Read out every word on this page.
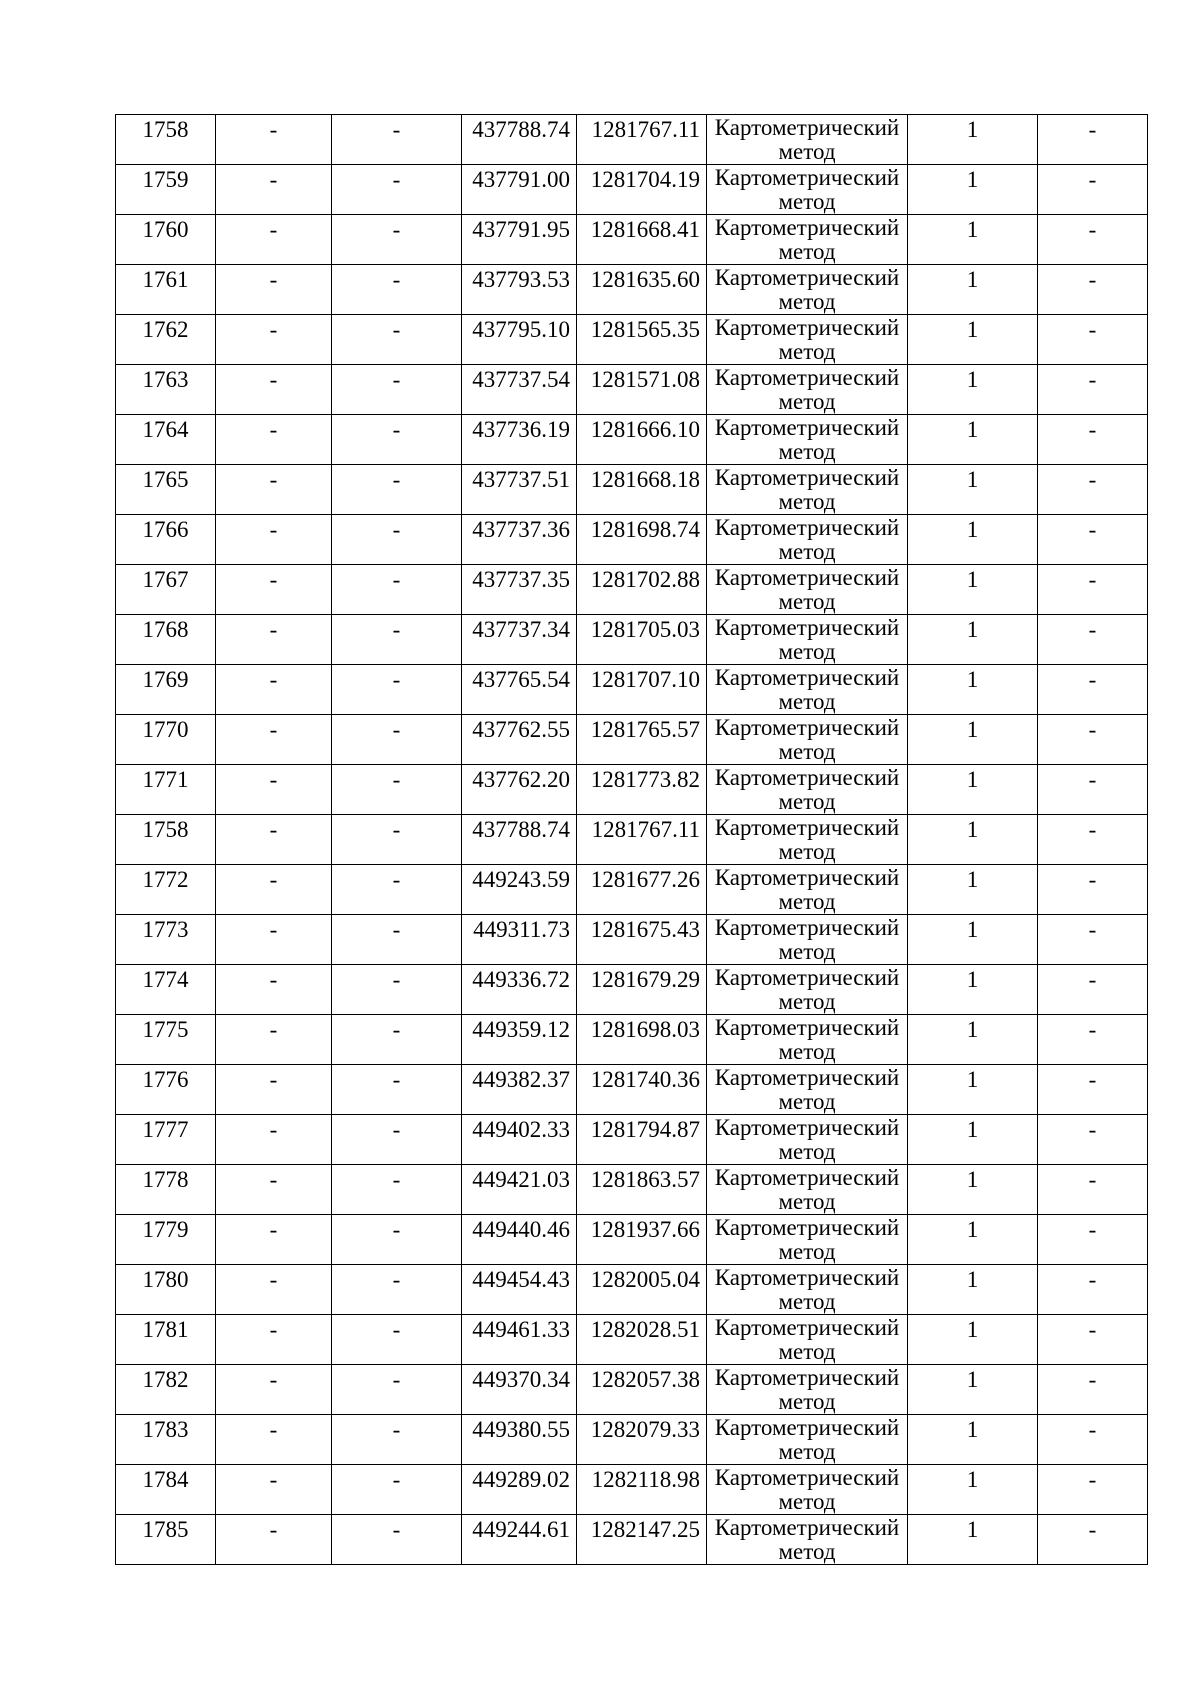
1758	-	-	437788.74	1281767.11	Картометрический метод	1	-

1759	-	-	437791.00	1281704.19	Картометрический метод	1	-

1760	-	-	437791.95	1281668.41	Картометрический метод	1	-

1761	-	-	437793.53	1281635.60	Картометрический метод	1	-

1762	-	-	437795.10	1281565.35	Картометрический метод	1	-

1763	-	-	437737.54	1281571.08	Картометрический метод	1	-

1764	-	-	437736.19	1281666.10	Картометрический метод	1	-

1765	-	-	437737.51	1281668.18	Картометрический метод	1	-

1766	-	-	437737.36	1281698.74	Картометрический метод	1	-

1767	-	-	437737.35	1281702.88	Картометрический метод	1	-

1768	-	-	437737.34	1281705.03	Картометрический метод	1	-

1769	-	-	437765.54	1281707.10	Картометрический метод	1	-

1770	-	-	437762.55	1281765.57	Картометрический метод	1	-

1771	-	-	437762.20	1281773.82	Картометрический метод	1	-

1758	-	-	437788.74	1281767.11	Картометрический метод	1	-

1772	-	-	449243.59	1281677.26	Картометрический метод	1	-

1773	-	-	449311.73	1281675.43	Картометрический метод	1	-

1774	-	-	449336.72	1281679.29	Картометрический метод	1	-

1775	-	-	449359.12	1281698.03	Картометрический метод	1	-

1776	-	-	449382.37	1281740.36	Картометрический метод	1	-

1777	-	-	449402.33	1281794.87	Картометрический метод	1	-

1778	-	-	449421.03	1281863.57	Картометрический метод	1	-

1779	-	-	449440.46	1281937.66	Картометрический метод	1	-

1780	-	-	449454.43	1282005.04	Картометрический метод	1	-

1781	-	-	449461.33	1282028.51	Картометрический метод	1	-

1782	-	-	449370.34	1282057.38	Картометрический метод	1	-

1783	-	-	449380.55	1282079.33	Картометрический метод	1	-

1784	-	-	449289.02	1282118.98	Картометрический метод	1	-

1785	-	-	449244.61	1282147.25	Картометрический метод	1	-
